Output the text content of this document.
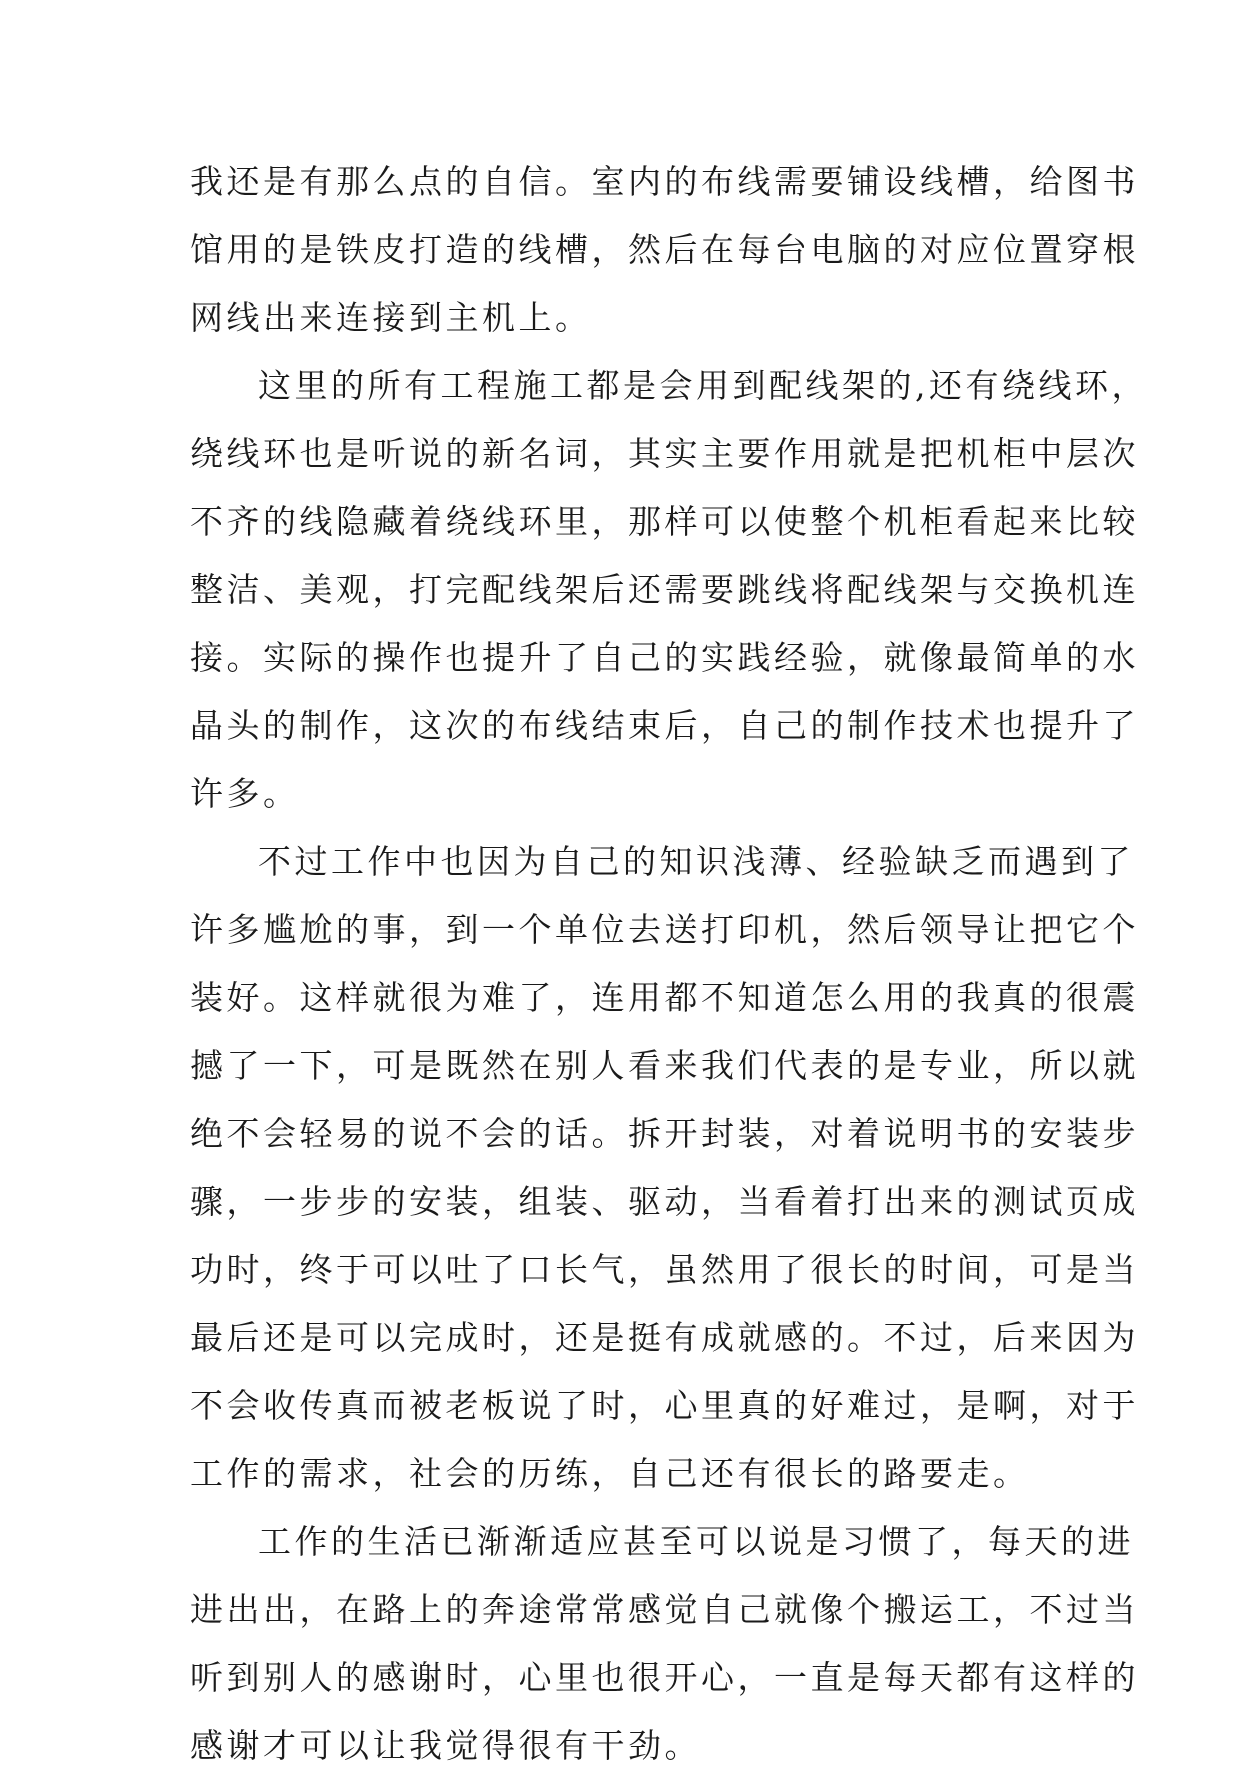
我还是有那么点的自信。室内的布线需要铺设线槽，给图书
馆用的是铁皮打造的线槽，然后在每台电脑的对应位置穿根
网线出来连接到主机上。
这里的所有工程施工都是会用到配线架的,还有绕线环，
绕线环也是听说的新名词，其实主要作用就是把机柜中层次
不齐的线隐藏着绕线环里，那样可以使整个机柜看起来比较
整洁、美观，打完配线架后还需要跳线将配线架与交换机连
接。实际的操作也提升了自己的实践经验，就像最简单的水
晶头的制作，这次的布线结束后，自己的制作技术也提升了
许多。
不过工作中也因为自己的知识浅薄、经验缺乏而遇到了
许多尴尬的事，到一个单位去送打印机，然后领导让把它个
装好。这样就很为难了，连用都不知道怎么用的我真的很震
撼了一下，可是既然在别人看来我们代表的是专业，所以就
绝不会轻易的说不会的话。拆开封装，对着说明书的安装步
骤，一步步的安装，组装、驱动，当看着打出来的测试页成
功时，终于可以吐了口长气，虽然用了很长的时间，可是当
最后还是可以完成时，还是挺有成就感的。不过，后来因为
不会收传真而被老板说了时，心里真的好难过，是啊，对于
工作的需求，社会的历练，自己还有很长的路要走。
工作的生活已渐渐适应甚至可以说是习惯了，每天的进
进出出，在路上的奔途常常感觉自己就像个搬运工，不过当
听到别人的感谢时，心里也很开心，一直是每天都有这样的
感谢才可以让我觉得很有干劲。
